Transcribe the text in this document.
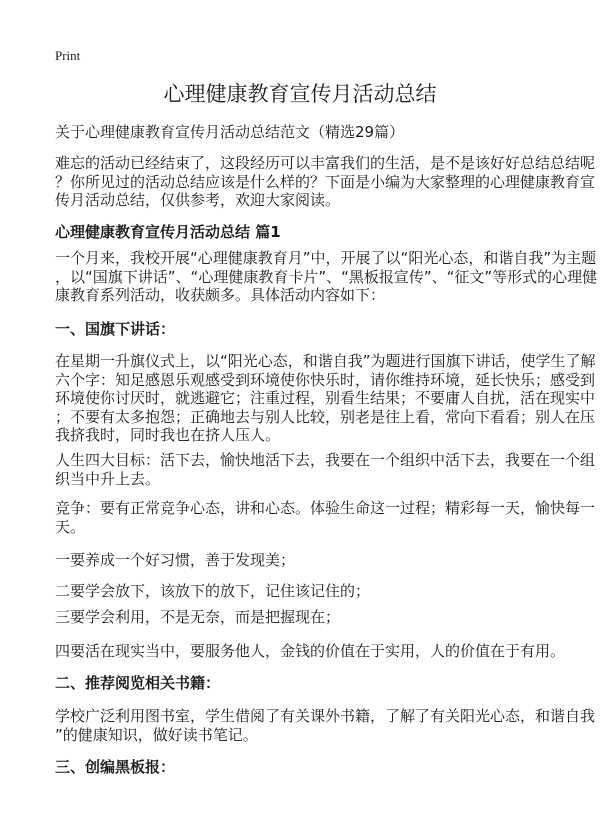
Print
心理健康教育宣传月活动总结
关于心理健康教育宣传月活动总结范文（精选29篇）
难忘的活动已经结束了，这段经历可以丰富我们的生活，是不是该好好总结总结呢
？你所见过的活动总结应该是什么样的？下面是小编为大家整理的心理健康教育宣
传月活动总结，仅供参考，欢迎大家阅读。
心理健康教育宣传月活动总结 篇1
一个月来，我校开展“心理健康教育月”中，开展了以“阳光心态，和谐自我”为主题
，以“国旗下讲话”、“心理健康教育卡片”、“黑板报宣传”、“征文”等形式的心理健
康教育系列活动，收获颇多。具体活动内容如下：
一、国旗下讲话：
在星期一升旗仪式上，以“阳光心态，和谐自我”为题进行国旗下讲话，使学生了解
六个字：知足感恩乐观感受到环境使你快乐时，请你维持环境，延长快乐；感受到
环境使你讨厌时，就逃避它；注重过程，别看生结果；不要庸人自扰，活在现实中
；不要有太多抱怨；正确地去与别人比较，别老是往上看，常向下看看；别人在压
我挤我时，同时我也在挤人压人。
人生四大目标：活下去，愉快地活下去，我要在一个组织中活下去，我要在一个组
织当中升上去。
竞争：要有正常竞争心态，讲和心态。体验生命这一过程；精彩每一天，愉快每一
天。
一要养成一个好习惯，善于发现美；
二要学会放下，该放下的放下，记住该记住的；
三要学会利用，不是无奈，而是把握现在；
四要活在现实当中，要服务他人，金钱的价值在于实用，人的价值在于有用。
二、推荐阅览相关书籍：
学校广泛利用图书室，学生借阅了有关课外书籍，了解了有关阳光心态，和谐自我
”的健康知识，做好读书笔记。
三、创编黑板报：
